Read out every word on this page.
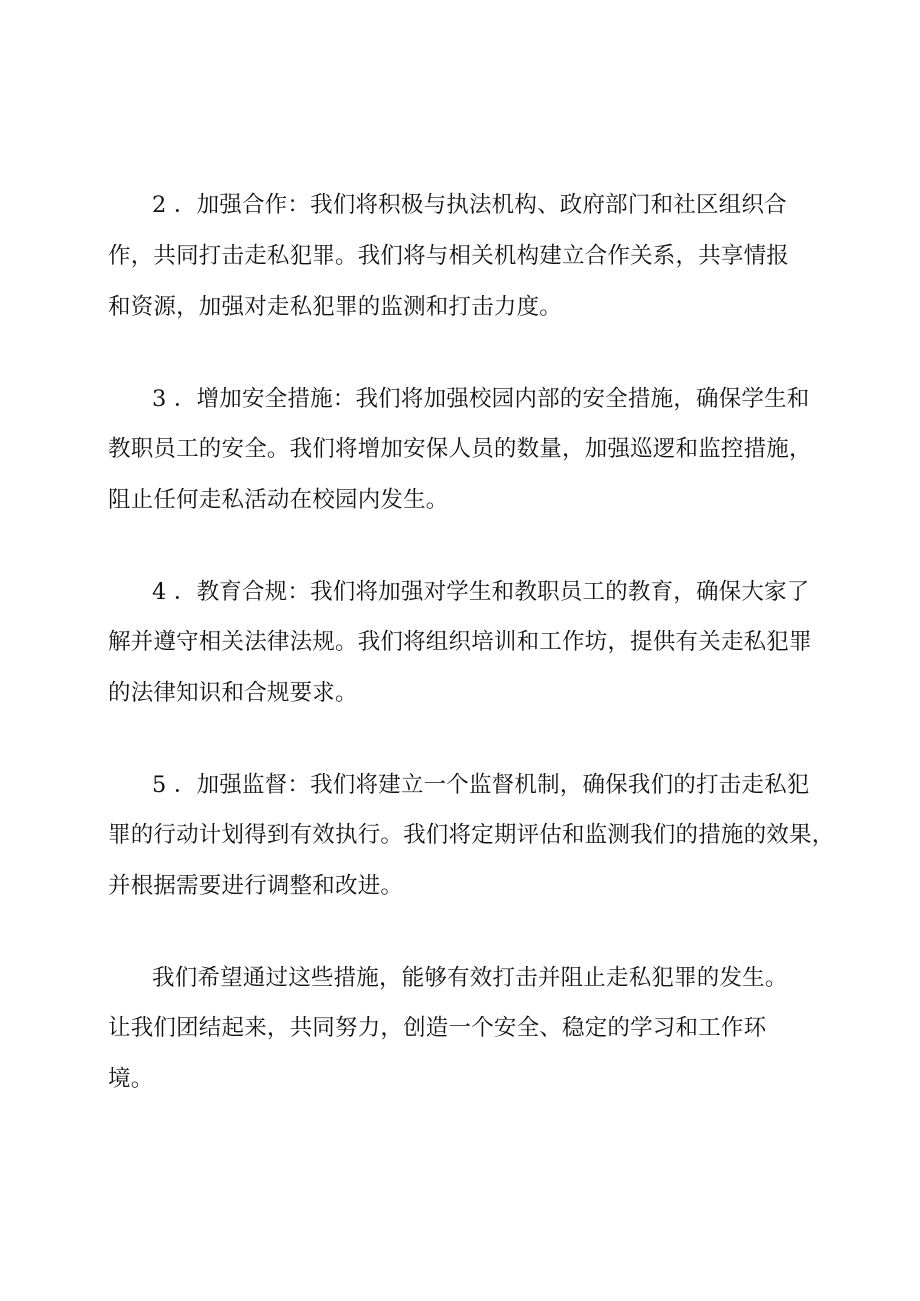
2 ．加强合作：我们将积极与执法机构、政府部门和社区组织合

作，共同打击走私犯罪。我们将与相关机构建立合作关系，共享情报

和资源，加强对走私犯罪的监测和打击力度。

3 ．增加安全措施：我们将加强校园内部的安全措施，确保学生和

教职员工的安全。我们将增加安保人员的数量，加强巡逻和监控措施，

阻止任何走私活动在校园内发生。

4 ．教育合规：我们将加强对学生和教职员工的教育，确保大家了

解并遵守相关法律法规。我们将组织培训和工作坊，提供有关走私犯罪

的法律知识和合规要求。

5 ．加强监督：我们将建立一个监督机制，确保我们的打击走私犯

罪的行动计划得到有效执行。我们将定期评估和监测我们的措施的效果，

并根据需要进行调整和改进。

我们希望通过这些措施，能够有效打击并阻止走私犯罪的发生。

让我们团结起来，共同努力，创造一个安全、稳定的学习和工作环

境。
